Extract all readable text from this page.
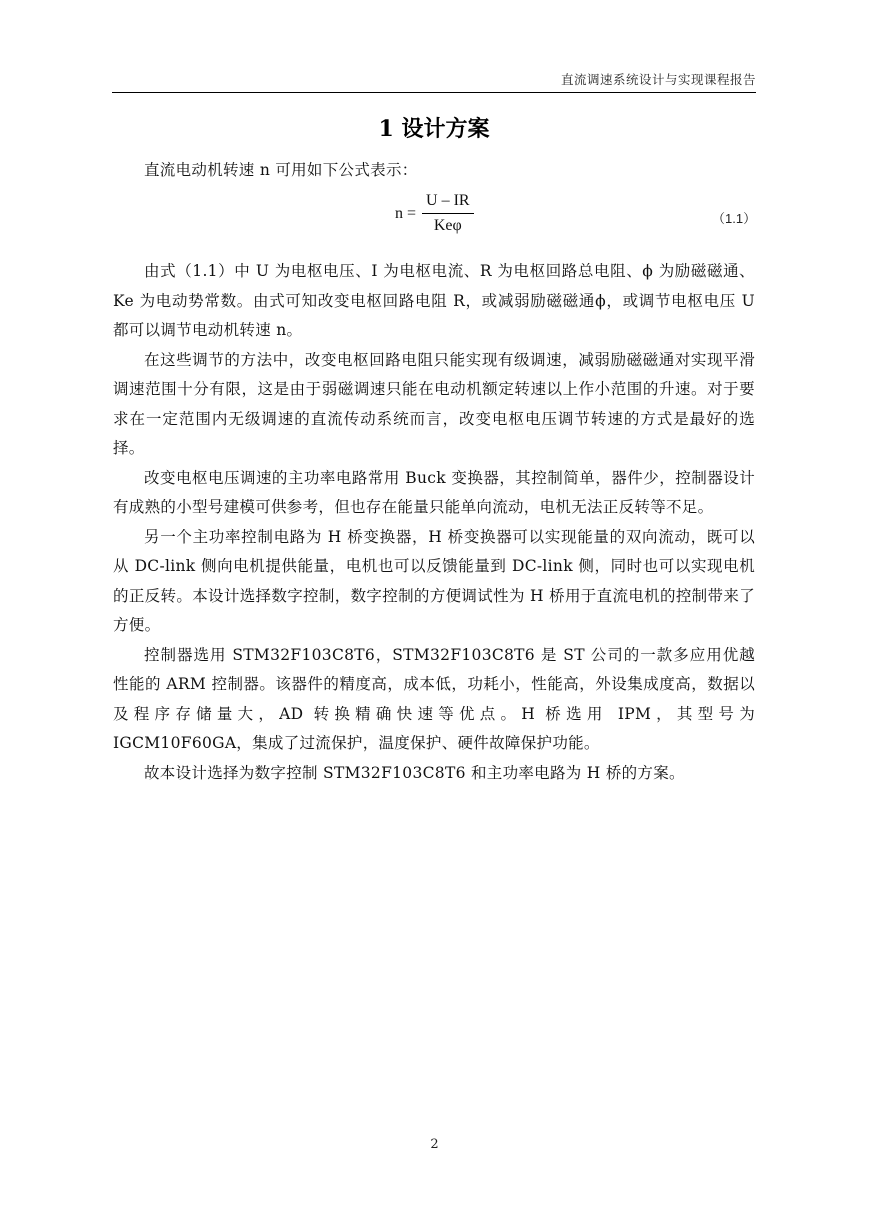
直流调速系统设计与实现课程报告
1 设计方案

直流电动机转速 n 可用如下公式表示：

$n = \frac{U - IR}{\text{Keφ}}$	（1.1）

由式（1.1）中 U 为电枢电压、I 为电枢电流、R 为电枢回路总电阻、ϕ 为励磁磁通、Ke 为电动势常数。由式可知改变电枢回路电阻 R，或减弱励磁磁通ϕ，或调节电枢电压 U 都可以调节电动机转速 n。

在这些调节的方法中，改变电枢回路电阻只能实现有级调速，减弱励磁磁通对实现平滑调速范围十分有限，这是由于弱磁调速只能在电动机额定转速以上作小范围的升速。对于要求在一定范围内无级调速的直流传动系统而言，改变电枢电压调节转速的方式是最好的选择。

改变电枢电压调速的主功率电路常用 Buck 变换器，其控制简单，器件少，控制器设计有成熟的小型号建模可供参考，但也存在能量只能单向流动，电机无法正反转等不足。

另一个主功率控制电路为 H 桥变换器，H 桥变换器可以实现能量的双向流动，既可以从 DC-link 侧向电机提供能量，电机也可以反馈能量到 DC-link 侧，同时也可以实现电机的正反转。本设计选择数字控制，数字控制的方便调试性为 H 桥用于直流电机的控制带来了方便。

控制器选用 STM32F103C8T6，STM32F103C8T6 是 ST 公司的一款多应用优越性能的 ARM 控制器。该器件的精度高，成本低，功耗小，性能高，外设集成度高，数据以及程序存储量大，AD 转换精确快速等优点。H 桥选用 IPM，其型号为 IGCM10F60GA，集成了过流保护，温度保护、硬件故障保护功能。

故本设计选择为数字控制 STM32F103C8T6 和主功率电路为 H 桥的方案。

2
